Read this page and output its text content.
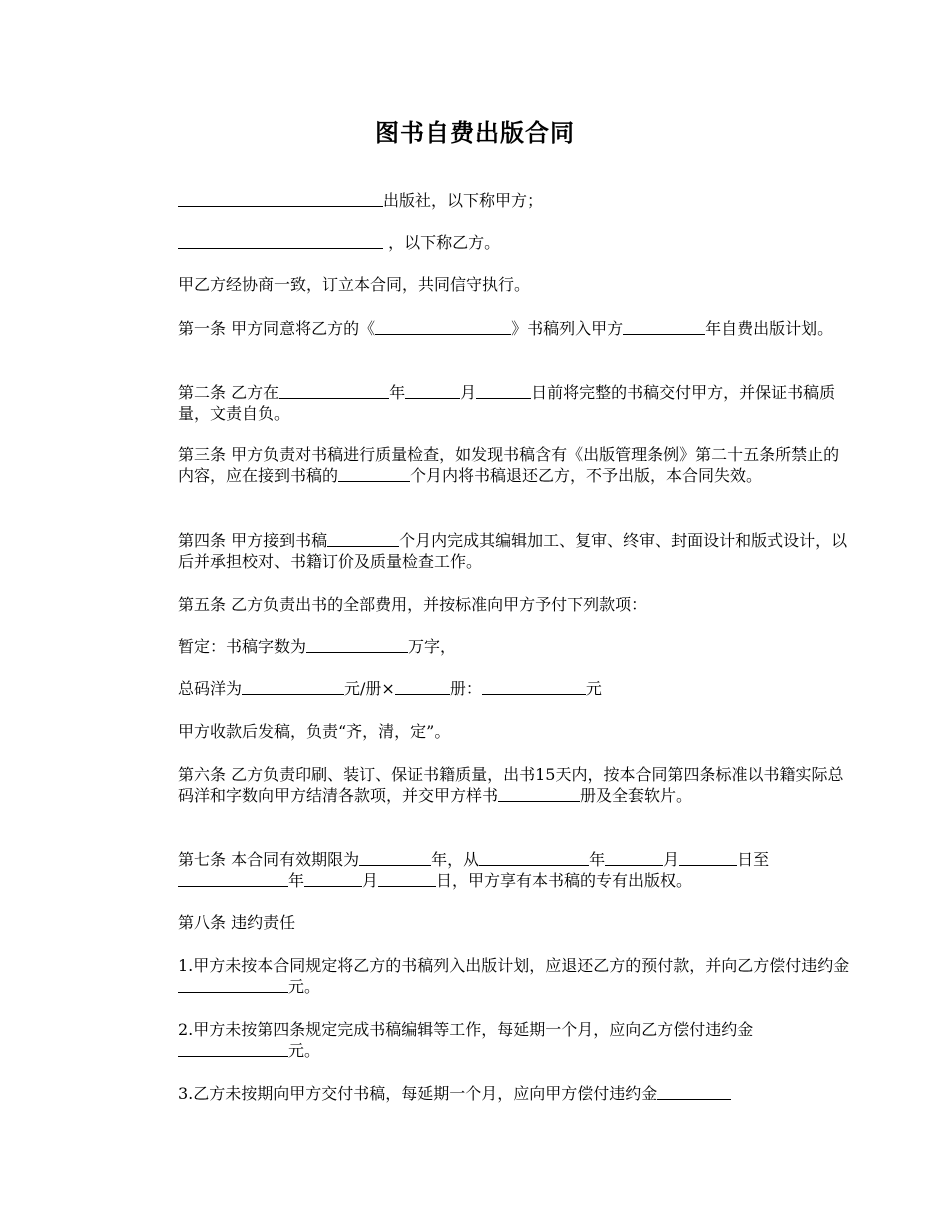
图书自费出版合同

出版社，以下称甲方；

，以下称乙方。

甲乙方经协商一致，订立本合同，共同信守执行。

第一条 甲方同意将乙方的《	》书稿列入甲方	年自费出版计划。

第二条 乙方在	年	月	日前将完整的书稿交付甲方，并保证书稿质量，文责自负。

第三条 甲方负责对书稿进行质量检查，如发现书稿含有《出版管理条例》第二十五条所禁止的内容，应在接到书稿的	个月内将书稿退还乙方，不予出版，本合同失效。

第四条 甲方接到书稿	个月内完成其编辑加工、复审、终审、封面设计和版式设计，以后并承担校对、书籍订价及质量检查工作。

第五条 乙方负责出书的全部费用，并按标准向甲方予付下列款项：

暂定：书稿字数为	万字，

总码洋为	元/册×	册：	元

甲方收款后发稿，负责“齐，清，定”。

第六条 乙方负责印刷、装订、保证书籍质量，出书15天内，按本合同第四条标准以书籍实际总码洋和字数向甲方结清各款项，并交甲方样书	册及全套软片。

第七条 本合同有效期限为	年，从	年	月	日至年	月	日，甲方享有本书稿的专有出版权。

第八条 违约责任

1.甲方未按本合同规定将乙方的书稿列入出版计划，应退还乙方的预付款，并向乙方偿付违约金元。

2.甲方未按第四条规定完成书稿编辑等工作，每延期一个月，应向乙方偿付违约金元。

3.乙方未按期向甲方交付书稿，每延期一个月，应向甲方偿付违约金
